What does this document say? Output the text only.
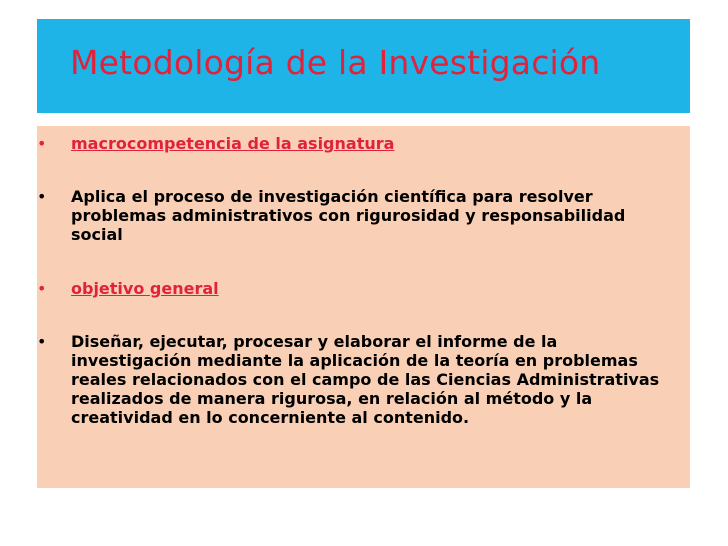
Metodología de la Investigación
• macrocompetencia de la asignatura
• Aplica el proceso de investigación científica para resolver problemas administrativos con rigurosidad y responsabilidad social
• objetivo general
• Diseñar, ejecutar, procesar y elaborar el informe de la investigación mediante la aplicación de la teoría en problemas reales relacionados con el campo de las Ciencias Administrativas realizados de manera rigurosa, en relación al método y la creatividad en lo concerniente al contenido.
